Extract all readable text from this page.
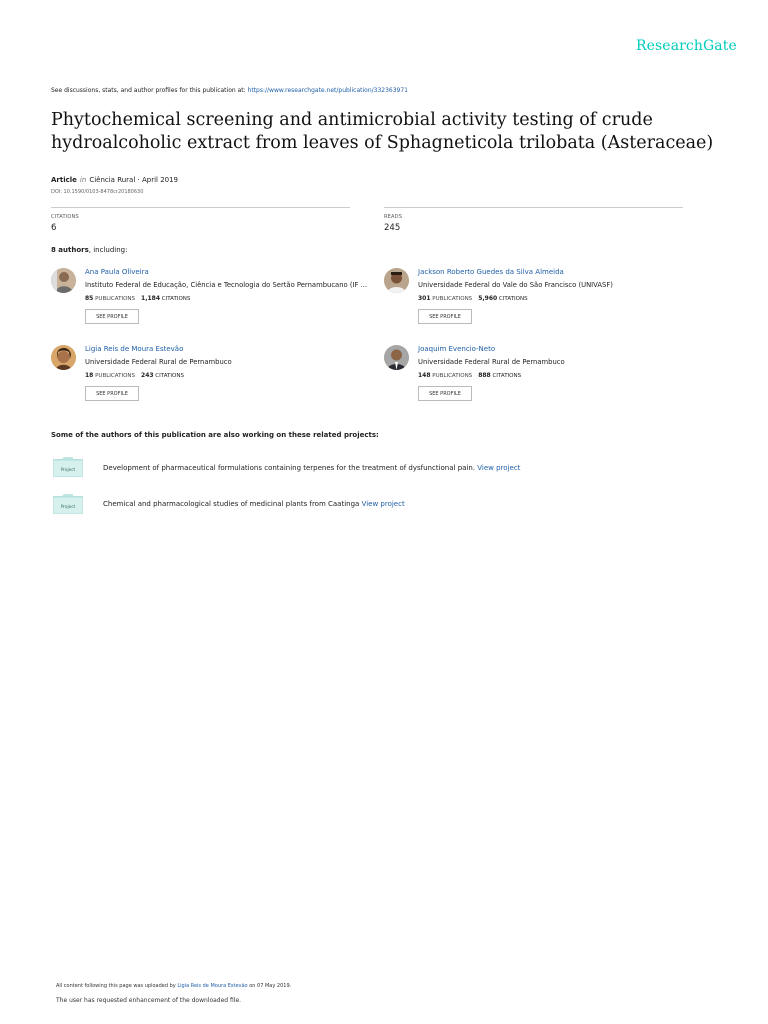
ResearchGate
See discussions, stats, and author profiles for this publication at: https://www.researchgate.net/publication/332363971
Phytochemical screening and antimicrobial activity testing of crude hydroalcoholic extract from leaves of Sphagneticola trilobata (Asteraceae)
Article in Ciência Rural · April 2019
DOI: 10.1590/0103-8478cr20180630
CITATIONS
6
READS
245
8 authors, including:
Ana Paula Oliveira
Instituto Federal de Educação, Ciência e Tecnologia do Sertão Pernambucano (IF ...
85 PUBLICATIONS 1,184 CITATIONS
SEE PROFILE
Jackson Roberto Guedes da Silva Almeida
Universidade Federal do Vale do São Francisco (UNIVASF)
301 PUBLICATIONS 5,960 CITATIONS
SEE PROFILE
Ligia Reis de Moura Estevão
Universidade Federal Rural de Pernambuco
18 PUBLICATIONS 243 CITATIONS
SEE PROFILE
Joaquim Evencio-Neto
Universidade Federal Rural de Pernambuco
148 PUBLICATIONS 888 CITATIONS
SEE PROFILE
Some of the authors of this publication are also working on these related projects:
Project	Development of pharmaceutical formulations containing terpenes for the treatment of dysfunctional pain. View project
Project	Chemical and pharmacological studies of medicinal plants from Caatinga View project
All content following this page was uploaded by Ligia Reis de Moura Estevão on 07 May 2019.
The user has requested enhancement of the downloaded file.
